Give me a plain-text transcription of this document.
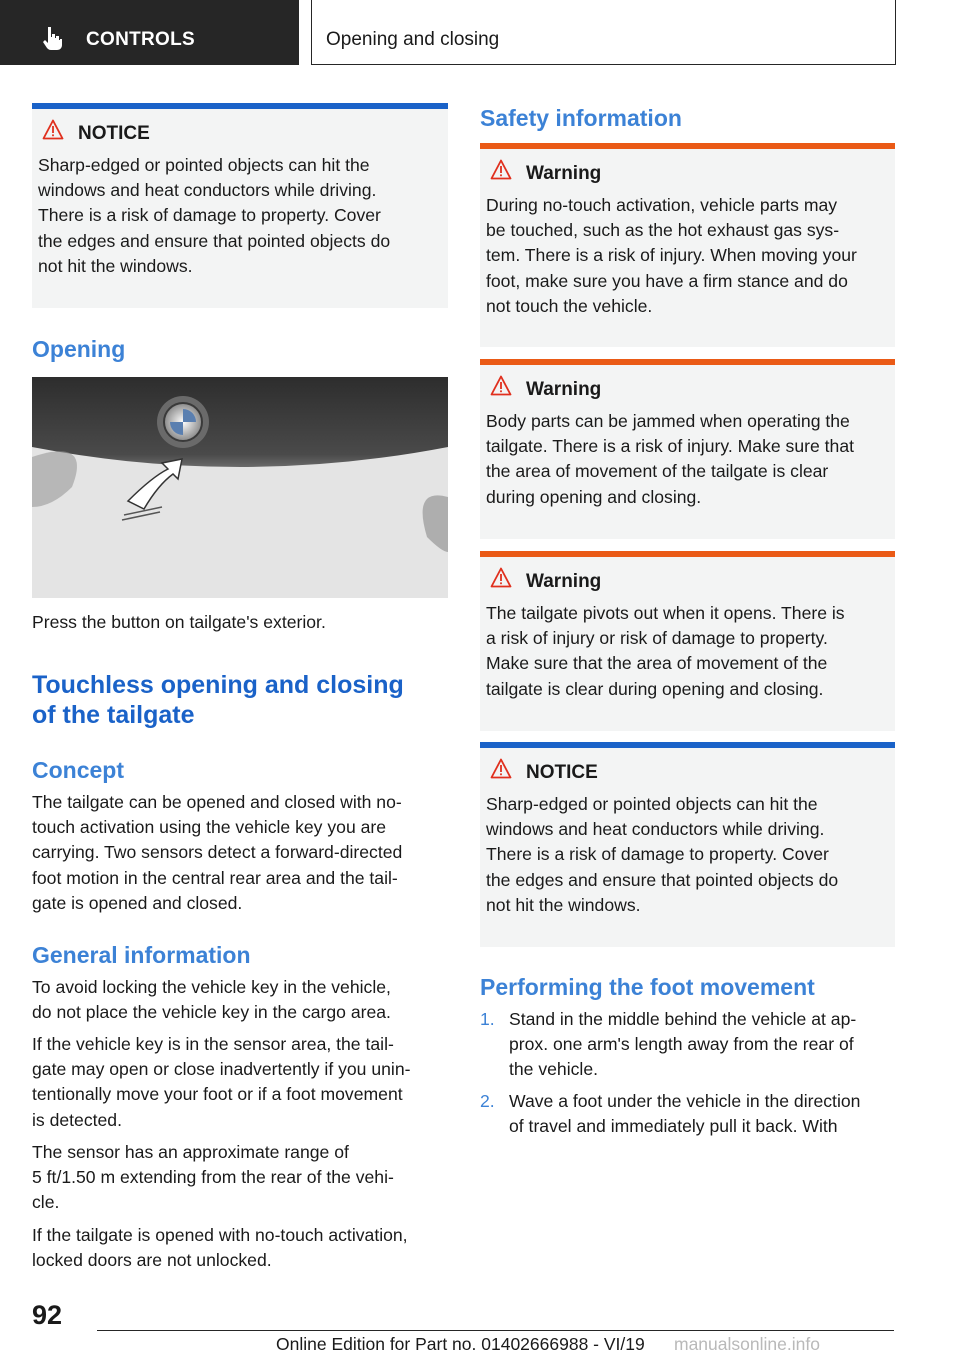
CONTROLS	Opening and closing
NOTICE
Sharp-edged or pointed objects can hit the
windows and heat conductors while driving.
There is a risk of damage to property. Cover
the edges and ensure that pointed objects do
not hit the windows.
Opening
Press the button on tailgate's exterior.
Touchless opening and closing
of the tailgate
Concept
The tailgate can be opened and closed with no-
touch activation using the vehicle key you are
carrying. Two sensors detect a forward-directed
foot motion in the central rear area and the tail-
gate is opened and closed.
General information
To avoid locking the vehicle key in the vehicle,
do not place the vehicle key in the cargo area.
If the vehicle key is in the sensor area, the tail-
gate may open or close inadvertently if you unin-
tentionally move your foot or if a foot movement
is detected.
The sensor has an approximate range of
5 ft/1.50 m extending from the rear of the vehi-
cle.
If the tailgate is opened with no-touch activation,
locked doors are not unlocked.
Safety information
Warning
During no-touch activation, vehicle parts may
be touched, such as the hot exhaust gas sys-
tem. There is a risk of injury. When moving your
foot, make sure you have a firm stance and do
not touch the vehicle.
Warning
Body parts can be jammed when operating the
tailgate. There is a risk of injury. Make sure that
the area of movement of the tailgate is clear
during opening and closing.
Warning
The tailgate pivots out when it opens. There is
a risk of injury or risk of damage to property.
Make sure that the area of movement of the
tailgate is clear during opening and closing.
NOTICE
Sharp-edged or pointed objects can hit the
windows and heat conductors while driving.
There is a risk of damage to property. Cover
the edges and ensure that pointed objects do
not hit the windows.
Performing the foot movement
1. Stand in the middle behind the vehicle at ap-
prox. one arm's length away from the rear of
the vehicle.
2. Wave a foot under the vehicle in the direction
of travel and immediately pull it back. With
92
Online Edition for Part no. 01402666988 - VI/19 manualsonline.info
